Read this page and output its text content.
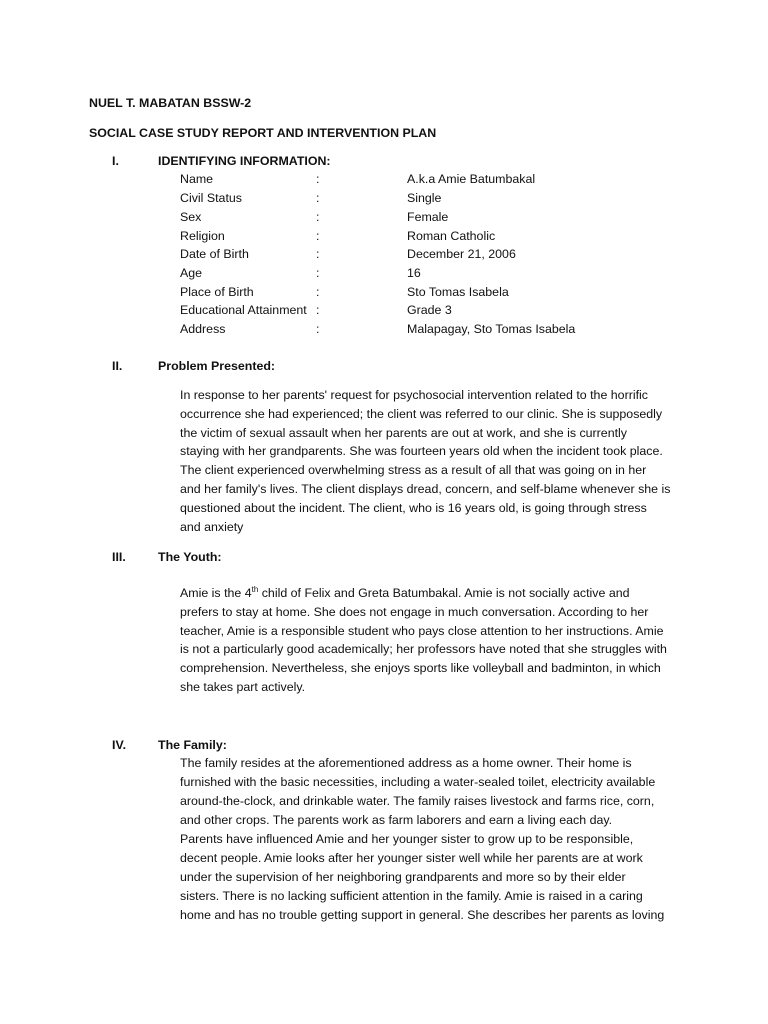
NUEL T. MABATAN BSSW-2
SOCIAL CASE STUDY REPORT AND INTERVENTION PLAN
I.	IDENTIFYING INFORMATION:
Name	:	A.k.a Amie Batumbakal
Civil Status	:	Single
Sex	:	Female
Religion	:	Roman Catholic
Date of Birth	:	December 21, 2006
Age	:	16
Place of Birth	:	Sto Tomas Isabela
Educational Attainment :	Grade 3
Address	:	Malapagay, Sto Tomas Isabela
II.	Problem Presented:
In response to her parents' request for psychosocial intervention related to the horrific
occurrence she had experienced; the client was referred to our clinic. She is supposedly
the victim of sexual assault when her parents are out at work, and she is currently
staying with her grandparents. She was fourteen years old when the incident took place.
The client experienced overwhelming stress as a result of all that was going on in her
and her family's lives. The client displays dread, concern, and self-blame whenever she is
questioned about the incident. The client, who is 16 years old, is going through stress
and anxiety
III.	The Youth:
Amie is the 4th child of Felix and Greta Batumbakal. Amie is not socially active and
prefers to stay at home. She does not engage in much conversation. According to her
teacher, Amie is a responsible student who pays close attention to her instructions. Amie
is not a particularly good academically; her professors have noted that she struggles with
comprehension. Nevertheless, she enjoys sports like volleyball and badminton, in which
she takes part actively.
IV.	The Family:
The family resides at the aforementioned address as a home owner. Their home is
furnished with the basic necessities, including a water-sealed toilet, electricity available
around-the-clock, and drinkable water. The family raises livestock and farms rice, corn,
and other crops. The parents work as farm laborers and earn a living each day.
Parents have influenced Amie and her younger sister to grow up to be responsible,
decent people. Amie looks after her younger sister well while her parents are at work
under the supervision of her neighboring grandparents and more so by their elder
sisters. There is no lacking sufficient attention in the family. Amie is raised in a caring
home and has no trouble getting support in general. She describes her parents as loving
